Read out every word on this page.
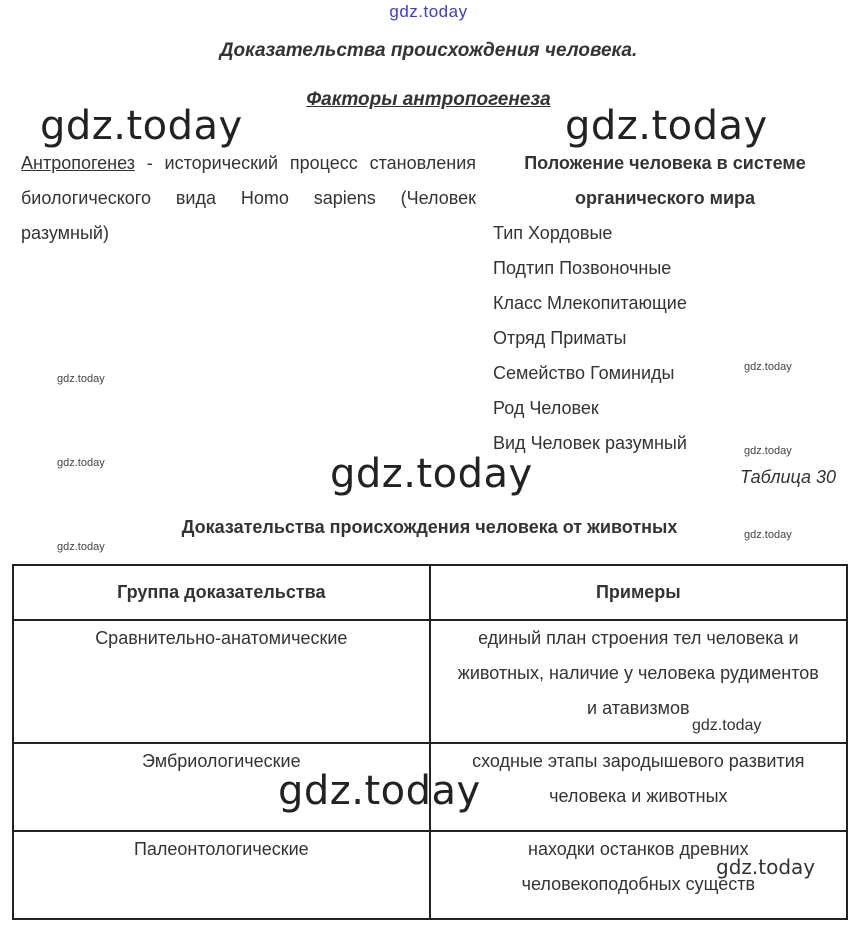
gdz.today
gdz.today	gdz.today
gdz.today
gdz.today
gdz.today
gdz.today
gdz.today
gdz.today
gdz.today
gdz.today
gdz.today
gdz.today
Доказательства происхождения человека.
Факторы антропогенеза
Антропогенез - исторический процесс становления биологического вида Homo sapiens (Человек разумный)
Положение человека в системе органического мира
Тип Хордовые
Подтип Позвоночные
Класс Млекопитающие
Отряд Приматы
Семейство Гоминиды
Род Человек
Вид Человек разумный
Таблица 30
Доказательства происхождения человека от животных
Группа доказательства	Примеры
Сравнительно-анатомические	единый план строения тел человека и животных, наличие у человека рудиментов и атавизмов
Эмбриологические	сходные этапы зародышевого развития человека и животных
Палеонтологические	находки останков древних человекоподобных существ
